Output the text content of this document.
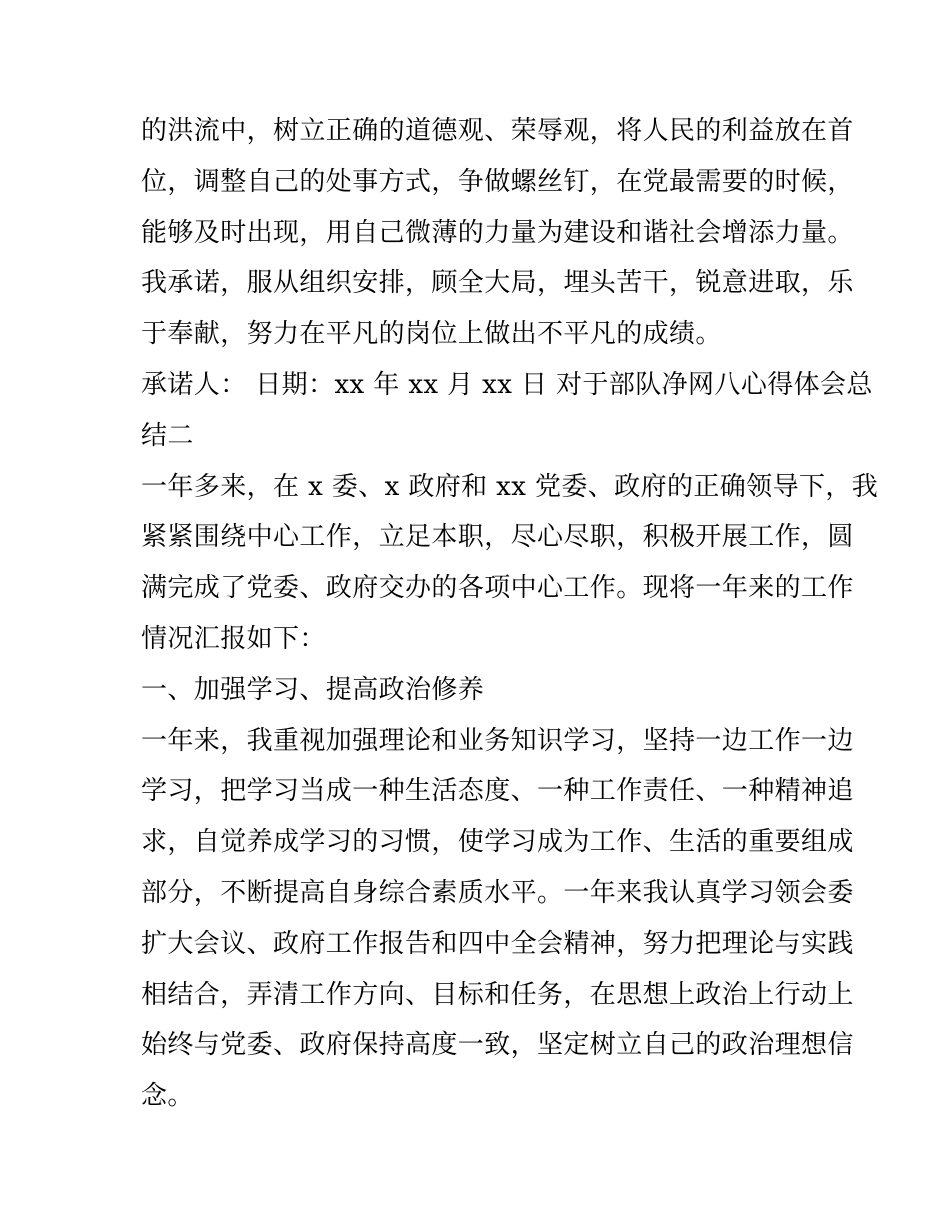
的洪流中，树立正确的道德观、荣辱观，将人民的利益放在首
位，调整自己的处事方式，争做螺丝钉，在党最需要的时候，
能够及时出现，用自己微薄的力量为建设和谐社会增添力量。
我承诺，服从组织安排，顾全大局，埋头苦干，锐意进取，乐
于奉献，努力在平凡的岗位上做出不平凡的成绩。
承诺人： 日期：xx 年 xx 月 xx 日 对于部队净网八心得体会总
结二
一年多来，在 x 委、x 政府和 xx 党委、政府的正确领导下，我
紧紧围绕中心工作，立足本职，尽心尽职，积极开展工作，圆
满完成了党委、政府交办的各项中心工作。现将一年来的工作
情况汇报如下：
一、加强学习、提高政治修养
一年来，我重视加强理论和业务知识学习，坚持一边工作一边
学习，把学习当成一种生活态度、一种工作责任、一种精神追
求，自觉养成学习的习惯，使学习成为工作、生活的重要组成
部分，不断提高自身综合素质水平。一年来我认真学习领会委
扩大会议、政府工作报告和四中全会精神，努力把理论与实践
相结合，弄清工作方向、目标和任务，在思想上政治上行动上
始终与党委、政府保持高度一致，坚定树立自己的政治理想信
念。
